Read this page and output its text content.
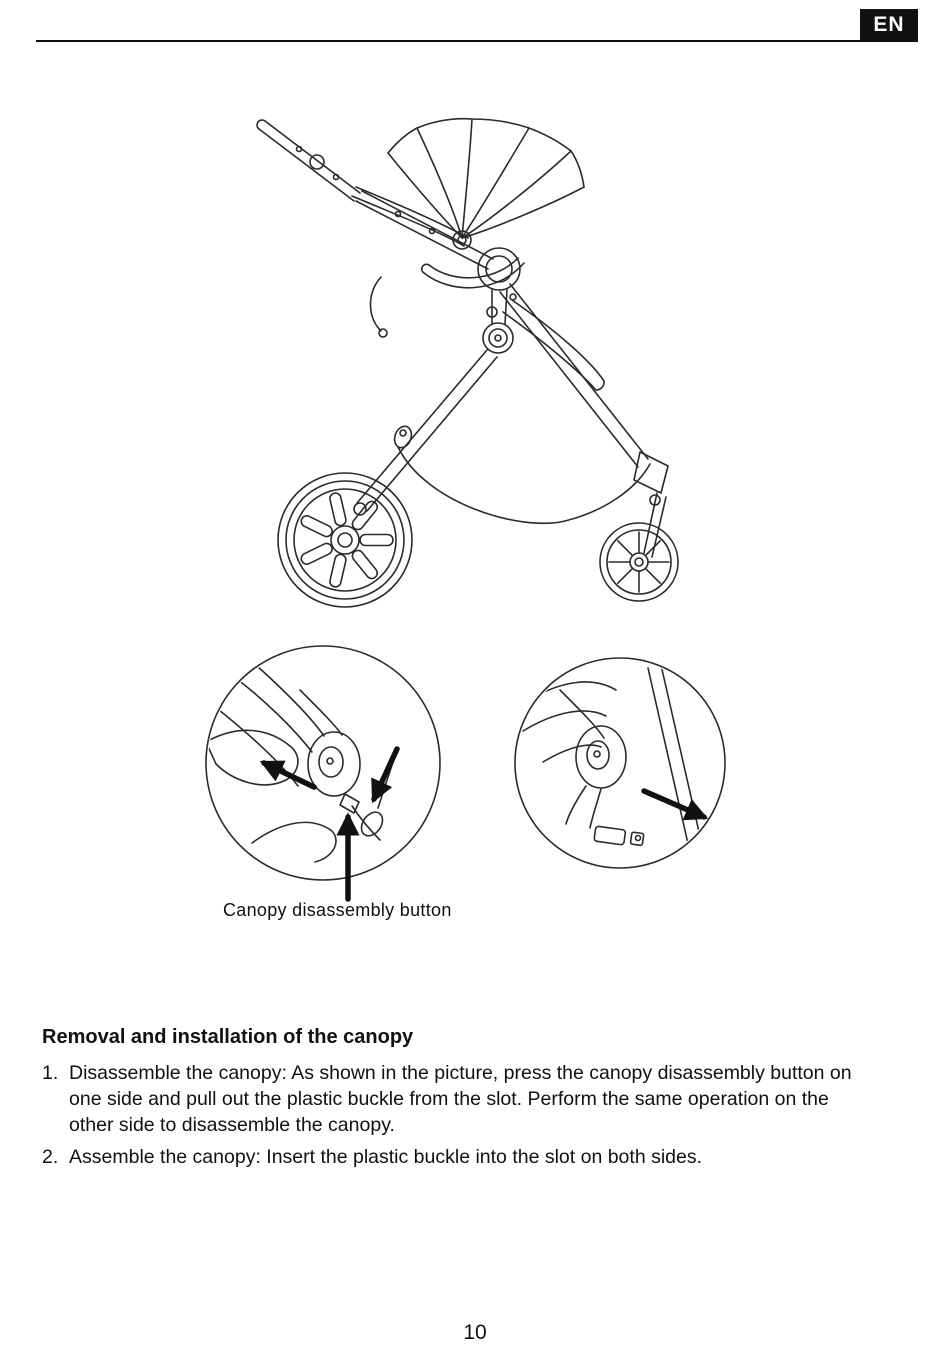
EN
Canopy disassembly button
Removal and installation of the canopy
1. Disassemble the canopy: As shown in the picture, press the canopy disassembly button on one side and pull out the plastic buckle from the slot. Perform the same operation on the other side to disassemble the canopy.
2. Assemble the canopy: Insert the plastic buckle into the slot on both sides.
10
